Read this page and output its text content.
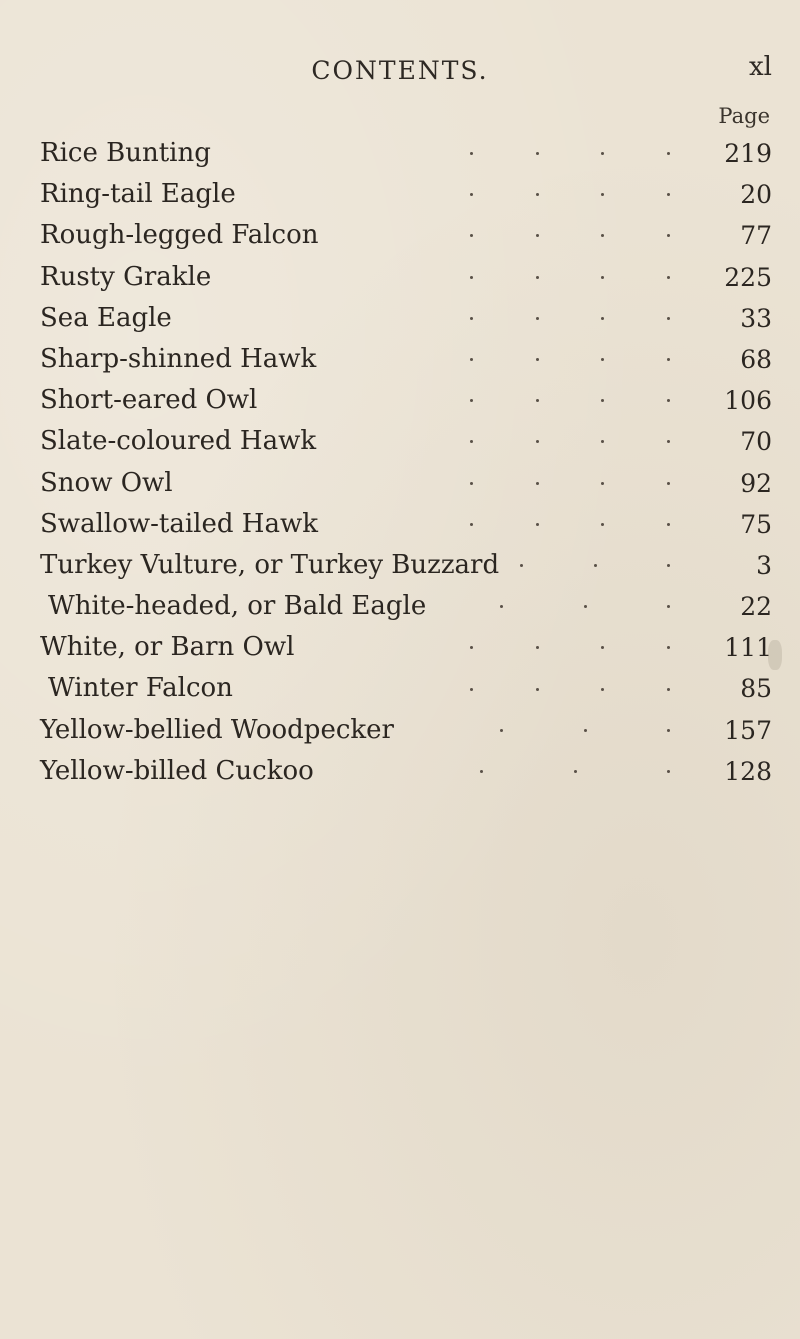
CONTENTS.	xl
Page
Rice Bunting	219
Ring-tail Eagle	20
Rough-legged Falcon	77
Rusty Grakle	225
Sea Eagle	33
Sharp-shinned Hawk	68
Short-eared Owl	106
Slate-coloured Hawk	70
Snow Owl	92
Swallow-tailed Hawk	75
Turkey Vulture, or Turkey Buzzard	3
White-headed, or Bald Eagle	22
White, or Barn Owl	111
Winter Falcon	85
Yellow-bellied Woodpecker	157
Yellow-billed Cuckoo	128
